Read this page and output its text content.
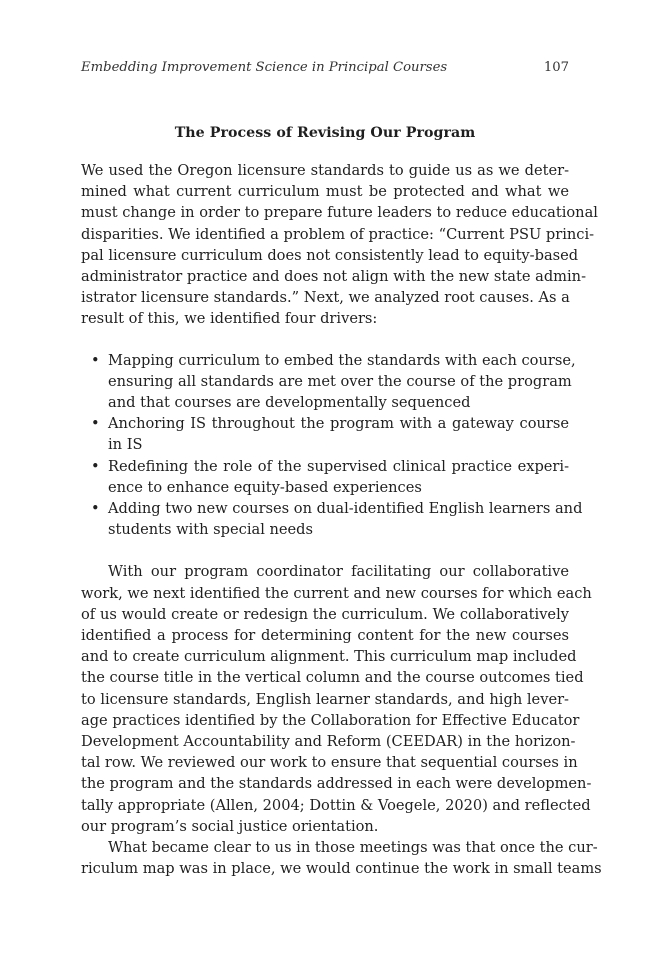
Embedding Improvement Science in Principal Courses	107
The Process of Revising Our Program

We used the Oregon licensure standards to guide us as we deter-
mined what current curriculum must be protected and what we
must change in order to prepare future leaders to reduce educational
disparities. We identified a problem of practice: “Current PSU princi-
pal licensure curriculum does not consistently lead to equity-based
administrator practice and does not align with the new state admin-
istrator licensure standards.” Next, we analyzed root causes. As a
result of this, we identified four drivers:

• Mapping curriculum to embed the standards with each course,
ensuring all standards are met over the course of the program
and that courses are developmentally sequenced
• Anchoring IS throughout the program with a gateway course
in IS
• Redefining the role of the supervised clinical practice experi-
ence to enhance equity-based experiences
• Adding two new courses on dual-identified English learners and
students with special needs

With our program coordinator facilitating our collaborative
work, we next identified the current and new courses for which each
of us would create or redesign the curriculum. We collaboratively
identified a process for determining content for the new courses
and to create curriculum alignment. This curriculum map included
the course title in the vertical column and the course outcomes tied
to licensure standards, English learner standards, and high lever-
age practices identified by the Collaboration for Effective Educator
Development Accountability and Reform (CEEDAR) in the horizon-
tal row. We reviewed our work to ensure that sequential courses in
the program and the standards addressed in each were developmen-
tally appropriate (Allen, 2004; Dottin & Voegele, 2020) and reflected
our program’s social justice orientation.

What became clear to us in those meetings was that once the cur-
riculum map was in place, we would continue the work in small teams
